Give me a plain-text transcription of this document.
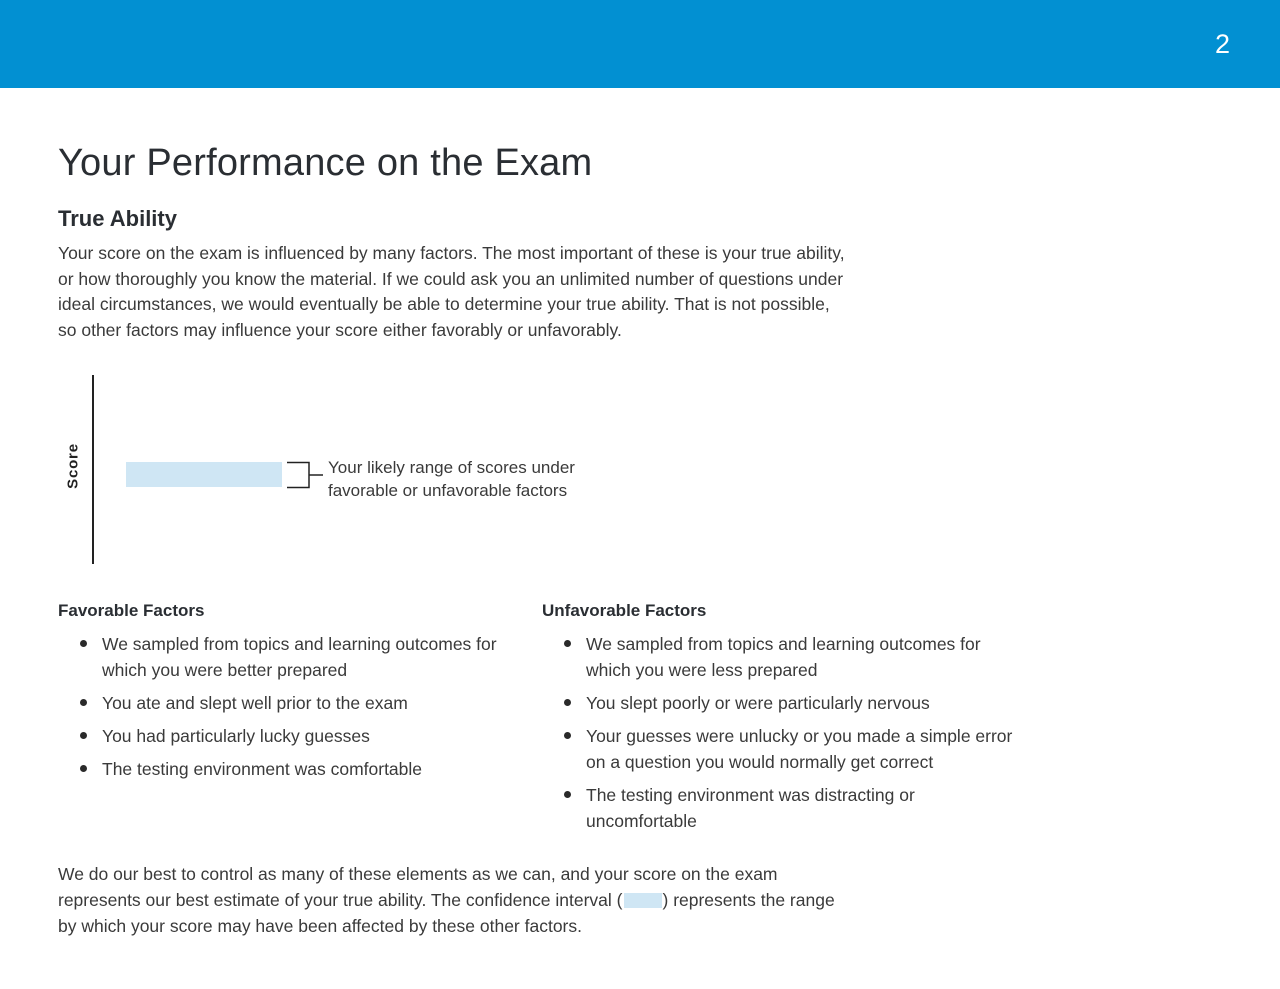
2
Your Performance on the Exam
True Ability

Your score on the exam is influenced by many factors. The most important of these is your true ability, or how thoroughly you know the material. If we could ask you an unlimited number of questions under ideal circumstances, we would eventually be able to determine your true ability. That is not possible, so other factors may influence your score either favorably or unfavorably.

Score	Your likely range of scores under favorable or unfavorable factors

Favorable Factors
We sampled from topics and learning outcomes for which you were better prepared
You ate and slept well prior to the exam
You had particularly lucky guesses
The testing environment was comfortable
Unfavorable Factors
We sampled from topics and learning outcomes for which you were less prepared
You slept poorly or were particularly nervous
Your guesses were unlucky or you made a simple error on a question you would normally get correct
The testing environment was distracting or uncomfortable

We do our best to control as many of these elements as we can, and your score on the exam represents our best estimate of your true ability. The confidence interval ( ) represents the range by which your score may have been affected by these other factors.
